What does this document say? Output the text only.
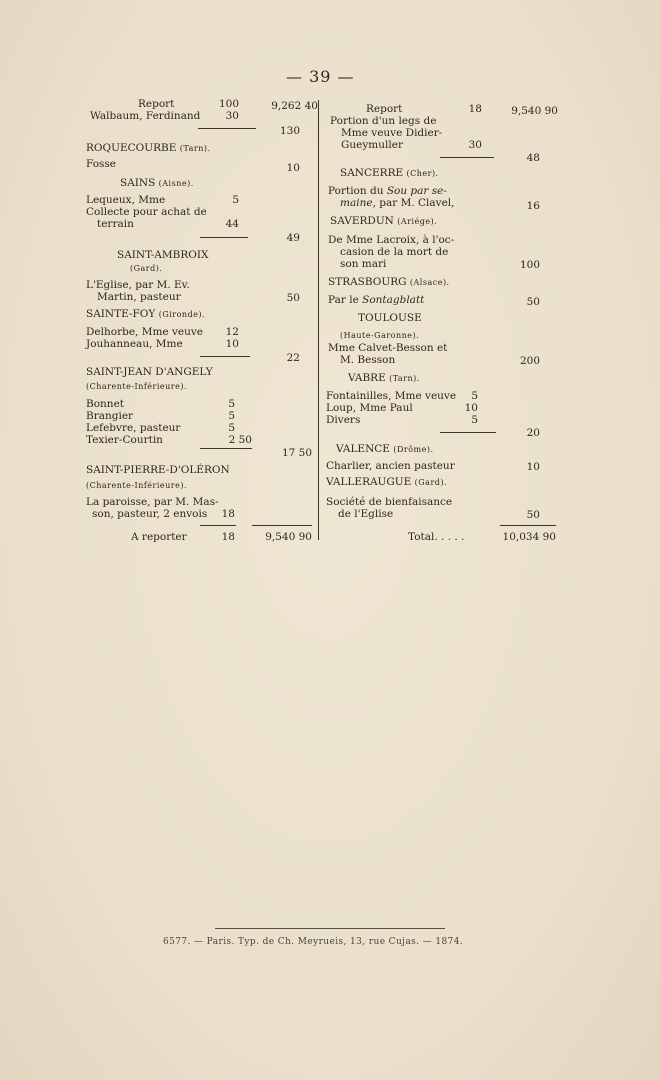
— 39 —
Report	100	9,262 40
Walbaum, Ferdinand	30
130
ROQUECOURBE (Tarn).
Fosse	10
SAINS (Aisne).
Lequeux, Mme	5
Collecte pour achat de
terrain	44
49
SAINT-AMBROIX
(Gard).
L'Eglise, par M. Ev.
Martin, pasteur	50
SAINTE-FOY (Gironde).
Delhorbe, Mme veuve	12
Jouhanneau, Mme	10
22
SAINT-JEAN D'ANGELY
(Charente-Inférieure).
Bonnet	5
Brangier	5
Lefebvre, pasteur	5
Texier-Courtin	2 50
17 50
SAINT-PIERRE-D'OLÉRON
(Charente-Inférieure).
La paroisse, par M. Mas-
son, pasteur, 2 envois	18
A reporter	18	9,540 90
Report	18	9,540 90
Portion d'un legs de
Mme veuve Didier-
Gueymuller	30
48
SANCERRE (Cher).
Portion du Sou par se-
maine, par M. Clavel,	16
SAVERDUN (Ariége).
De Mme Lacroix, à l'oc-
casion de la mort de
son mari	100
STRASBOURG (Alsace).
Par le Sontagblatt	50
TOULOUSE
(Haute-Garonne).
Mme Calvet-Besson et
M. Besson	200
VABRE (Tarn).
Fontainilles, Mme veuve	5
Loup, Mme Paul	10
Divers	5
20
VALENCE (Drôme).
Charlier, ancien pasteur	10
VALLERAUGUE (Gard).
Société de bienfaisance
de l'Eglise	50
Total. . . . .	10,034 90
6577. — Paris. Typ. de Ch. Meyrueis, 13, rue Cujas. — 1874.
